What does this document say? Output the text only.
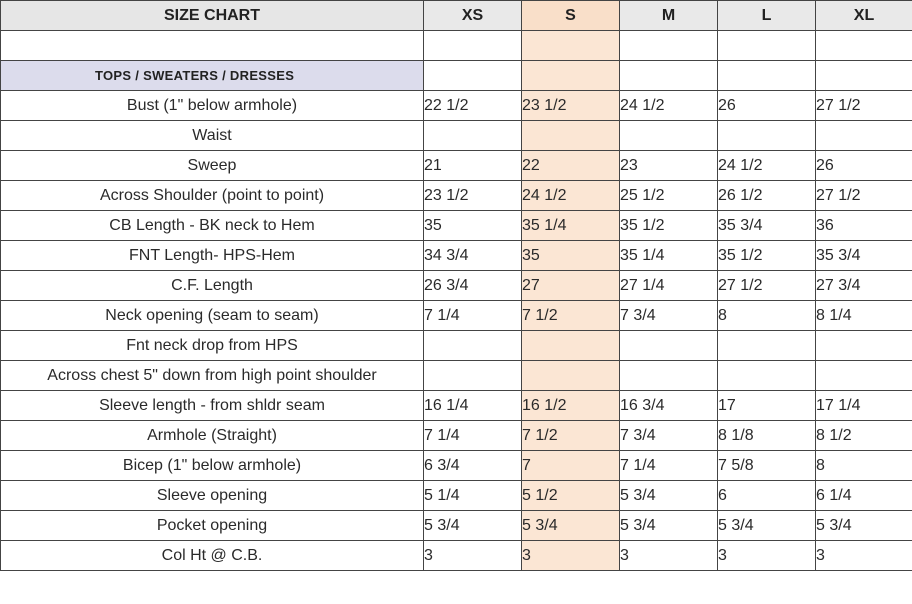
SIZE CHART	XS	S	M	L	XL

TOPS / SWEATERS / DRESSES					
Bust (1" below armhole)	22 1/2	23 1/2	24 1/2	26	27 1/2
Waist					
Sweep	21	22	23	24 1/2	26
Across Shoulder (point to point)	23 1/2	24 1/2	25 1/2	26 1/2	27 1/2
CB Length - BK neck to Hem	35	35 1/4	35 1/2	35 3/4	36
FNT Length- HPS-Hem	34 3/4	35	35 1/4	35 1/2	35 3/4
C.F. Length	26 3/4	27	27 1/4	27 1/2	27 3/4
Neck opening (seam to seam)	7 1/4	7 1/2	7 3/4	8	8 1/4
Fnt neck drop from HPS					
Across chest 5" down from high point shoulder					
Sleeve length - from shldr seam	16 1/4	16 1/2	16 3/4	17	17 1/4
Armhole (Straight)	7 1/4	7 1/2	7 3/4	8 1/8	8 1/2
Bicep (1" below armhole)	6 3/4	7	7 1/4	7 5/8	8
Sleeve opening	5 1/4	5 1/2	5 3/4	6	6 1/4
Pocket opening	5 3/4	5 3/4	5 3/4	5 3/4	5 3/4
Col Ht @ C.B.	3	3	3	3	3
